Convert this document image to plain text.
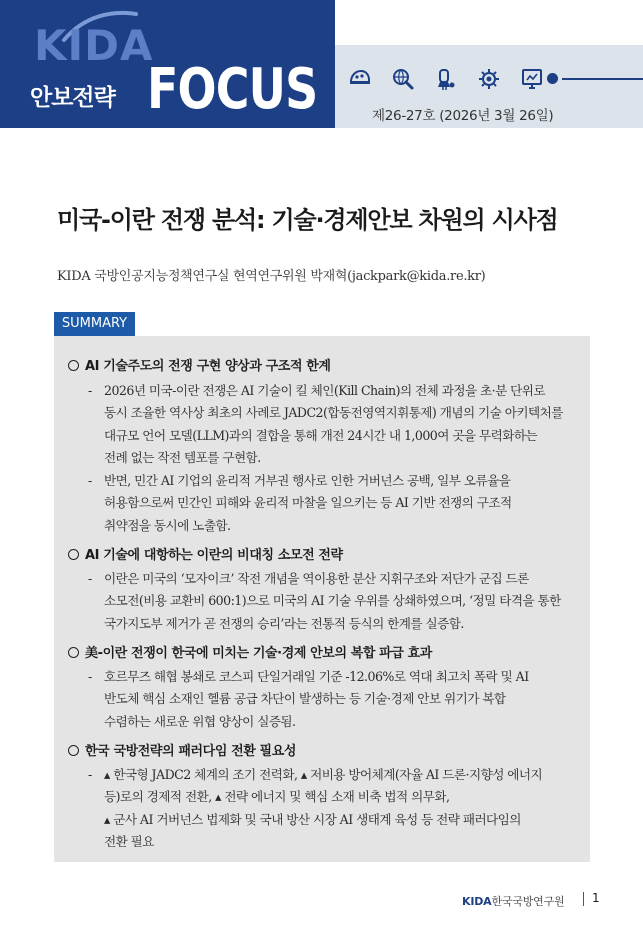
KIDA
안보전략 FOCUS	제26-27호 (2026년 3월 26일)
미국-이란 전쟁 분석: 기술·경제안보 차원의 시사점
KIDA 국방인공지능정책연구실 현역연구위원 박재혁(jackpark@kida.re.kr)
SUMMARY
AI 기술주도의 전쟁 구현 양상과 구조적 한계
- 2026년 미국-이란 전쟁은 AI 기술이 킬 체인(Kill Chain)의 전체 과정을 초·분 단위로
동시 조율한 역사상 최초의 사례로 JADC2(합동전영역지휘통제) 개념의 기술 아키텍처를
대규모 언어 모델(LLM)과의 결합을 통해 개전 24시간 내 1,000여 곳을 무력화하는
전례 없는 작전 템포를 구현함.
- 반면, 민간 AI 기업의 윤리적 거부권 행사로 인한 거버넌스 공백, 일부 오류율을
허용함으로써 민간인 피해와 윤리적 마찰을 일으키는 등 AI 기반 전쟁의 구조적
취약점을 동시에 노출함.
AI 기술에 대항하는 이란의 비대칭 소모전 전략
- 이란은 미국의 ‘모자이크’ 작전 개념을 역이용한 분산 지휘구조와 저단가 군집 드론
소모전(비용 교환비 600:1)으로 미국의 AI 기술 우위를 상쇄하였으며, ‘정밀 타격을 통한
국가지도부 제거가 곧 전쟁의 승리’라는 전통적 등식의 한계를 실증함.
美-이란 전쟁이 한국에 미치는 기술·경제 안보의 복합 파급 효과
- 호르무즈 해협 봉쇄로 코스피 단일거래일 기준 -12.06%로 역대 최고치 폭락 및 AI
반도체 핵심 소재인 헬륨 공급 차단이 발생하는 등 기술·경제 안보 위기가 복합
수렴하는 새로운 위협 양상이 실증됨.
한국 국방전략의 패러다임 전환 필요성
- ▴ 한국형 JADC2 체계의 조기 전력화, ▴ 저비용 방어체계(자율 AI 드론·지향성 에너지
등)로의 경제적 전환, ▴ 전략 에너지 및 핵심 소재 비축 법적 의무화,
▴ 군사 AI 거버넌스 법제화 및 국내 방산 시장 AI 생태계 육성 등 전략 패러다임의
전환 필요
KIDA한국국방연구원 1
